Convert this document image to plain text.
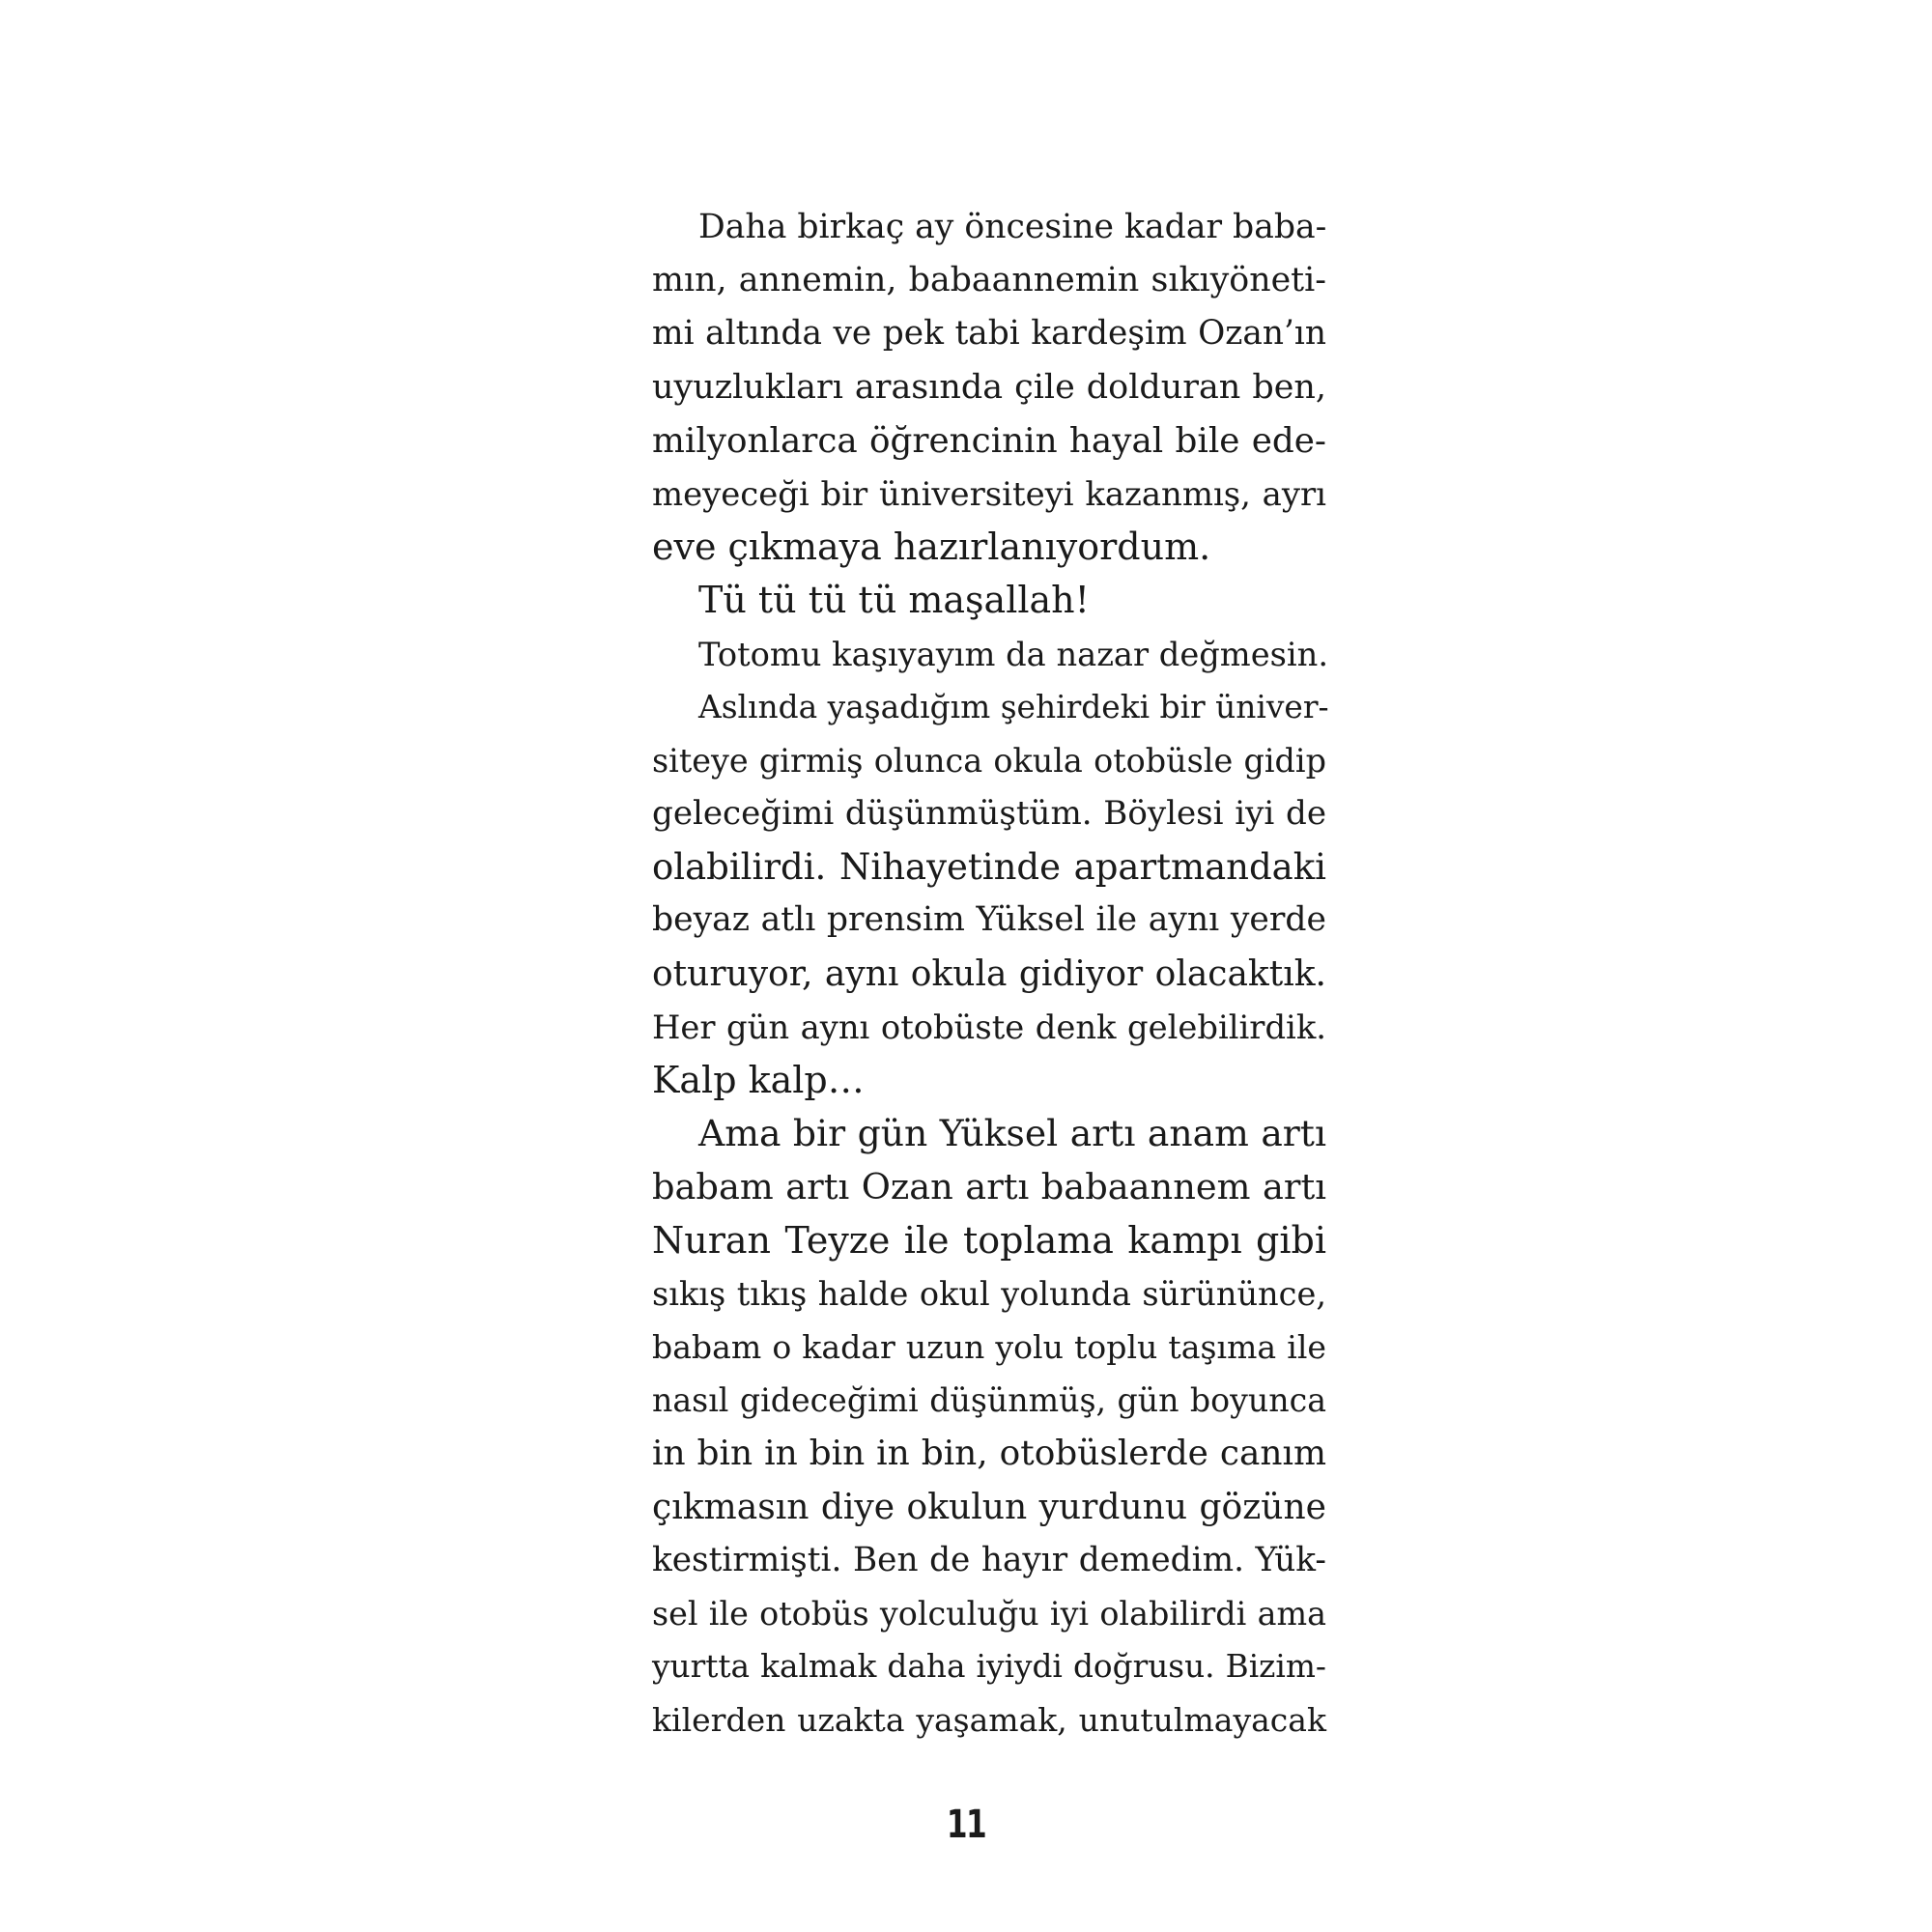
Daha birkaç ay öncesine kadar baba-
mın, annemin, babaannemin sıkıyöneti-
mi altında ve pek tabi kardeşim Ozan’ın
uyuzlukları arasında çile dolduran ben,
milyonlarca öğrencinin hayal bile ede-
meyeceği bir üniversiteyi kazanmış, ayrı
eve çıkmaya hazırlanıyordum.
Tü tü tü tü maşallah!
Totomu kaşıyayım da nazar değmesin.
Aslında yaşadığım şehirdeki bir üniver-
siteye girmiş olunca okula otobüsle gidip
geleceğimi düşünmüştüm. Böylesi iyi de
olabilirdi. Nihayetinde apartmandaki
beyaz atlı prensim Yüksel ile aynı yerde
oturuyor, aynı okula gidiyor olacaktık.
Her gün aynı otobüste denk gelebilirdik.
Kalp kalp…
Ama bir gün Yüksel artı anam artı
babam artı Ozan artı babaannem artı
Nuran Teyze ile toplama kampı gibi
sıkış tıkış halde okul yolunda sürününce,
babam o kadar uzun yolu toplu taşıma ile
nasıl gideceğimi düşünmüş, gün boyunca
in bin in bin in bin, otobüslerde canım
çıkmasın diye okulun yurdunu gözüne
kestirmişti. Ben de hayır demedim. Yük-
sel ile otobüs yolculuğu iyi olabilirdi ama
yurtta kalmak daha iyiydi doğrusu. Bizim-
kilerden uzakta yaşamak, unutulmayacak
11
